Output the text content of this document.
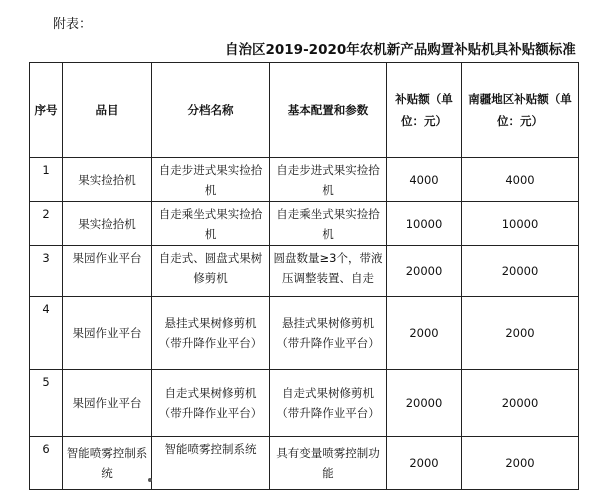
附表：
自治区2019-2020年农机新产品购置补贴机具补贴额标准
序号	品目	分档名称	基本配置和参数	补贴额（单位：元）	南疆地区补贴额（单位：元）
1	果实捡拾机	自走步进式果实捡拾机	自走步进式果实捡拾机	4000	4000
2	果实捡拾机	自走乘坐式果实捡拾机	自走乘坐式果实捡拾机	10000	10000
3	果园作业平台	自走式、圆盘式果树修剪机	圆盘数量≥3个，带液压调整装置、自走	20000	20000
4	果园作业平台	悬挂式果树修剪机（带升降作业平台）	悬挂式果树修剪机（带升降作业平台）	2000	2000
5	果园作业平台	自走式果树修剪机（带升降作业平台）	自走式果树修剪机（带升降作业平台）	20000	20000
6	智能喷雾控制系统	智能喷雾控制系统	具有变量喷雾控制功能	2000	2000
